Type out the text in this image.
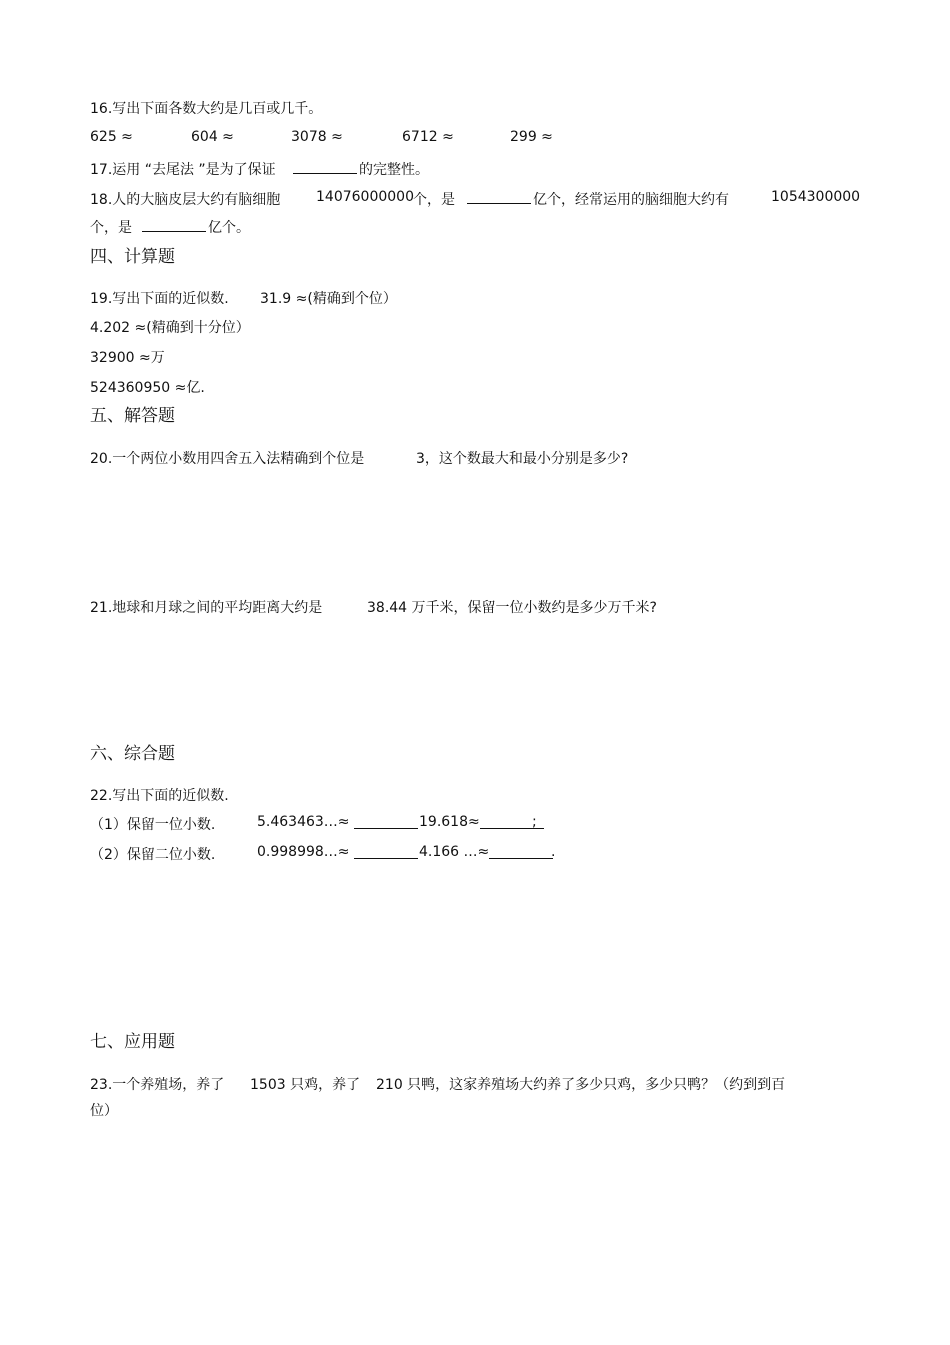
16.写出下面各数大约是几百或几千。
625 ≈	604 ≈	3078 ≈	6712 ≈	299 ≈
17.运用 “去尾法 ”是为了保证	的完整性。
18.人的大脑皮层大约有脑细胞	14076000000 个，是	亿个，经常运用的脑细胞大约有	1054300000
个，是	亿个。
四、计算题
19.写出下面的近似数. 31.9 ≈(精确到个位）
4.202 ≈(精确到十分位）
32900 ≈万
524360950 ≈亿.
五、解答题
20.一个两位小数用四舍五入法精确到个位是	3，这个数最大和最小分别是多少?
21.地球和月球之间的平均距离大约是	38.44 万千米，保留一位小数约是多少万千米?
六、综合题
22.写出下面的近似数.
（1）保留一位小数.	5.463463…≈	19.618≈	;
（2）保留二位小数.	0.998998…≈	4.166 …≈	.
七、应用题
23.一个养殖场，养了 1503 只鸡，养了 210 只鸭，这家养殖场大约养了多少只鸡，多少只鸭？（约到到百
位）
